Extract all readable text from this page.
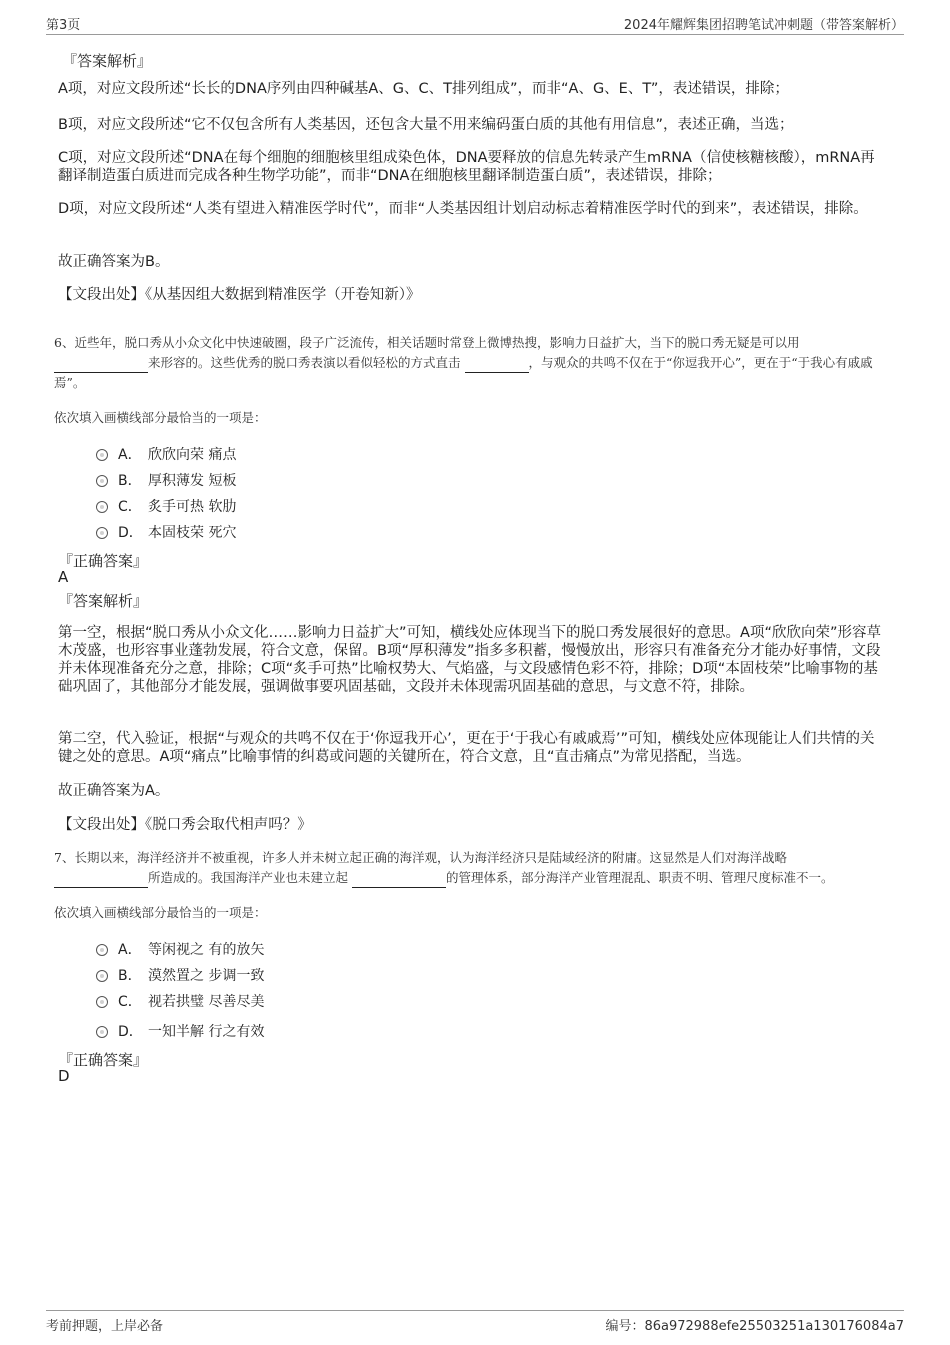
第3页	2024年耀辉集团招聘笔试冲刺题（带答案解析）
『答案解析』
A项，对应文段所述“长长的DNA序列由四种碱基A、G、C、T排列组成”，而非“A、G、E、T”，表述错误，排除；
B项，对应文段所述“它不仅包含所有人类基因，还包含大量不用来编码蛋白质的其他有用信息”，表述正确，当选；
C项，对应文段所述“DNA在每个细胞的细胞核里组成染色体，DNA要释放的信息先转录产生mRNA（信使核糖核酸），mRNA再翻译制造蛋白质进而完成各种生物学功能”，而非“DNA在细胞核里翻译制造蛋白质”，表述错误，排除；
D项，对应文段所述“人类有望进入精准医学时代”，而非“人类基因组计划启动标志着精准医学时代的到来”，表述错误，排除。
故正确答案为B。
【文段出处】《从基因组大数据到精准医学（开卷知新）》
6、近些年，脱口秀从小众文化中快速破圈，段子广泛流传，相关话题时常登上微博热搜，影响力日益扩大，当下的脱口秀无疑是可以用
来形容的。这些优秀的脱口秀表演以看似轻松的方式直击	，与观众的共鸣不仅在于“你逗我开心”，更在于“于我心有戚戚焉”。
依次填入画横线部分最恰当的一项是：
A． 欣欣向荣 痛点
B． 厚积薄发 短板
C． 炙手可热 软肋
D． 本固枝荣 死穴
『正确答案』
A
『答案解析』
第一空，根据“脱口秀从小众文化……影响力日益扩大”可知，横线处应体现当下的脱口秀发展很好的意思。A项“欣欣向荣”形容草木茂盛，也形容事业蓬勃发展，符合文意，保留。B项“厚积薄发”指多多积蓄，慢慢放出，形容只有准备充分才能办好事情，文段并未体现准备充分之意，排除；C项“炙手可热”比喻权势大、气焰盛，与文段感情色彩不符，排除；D项“本固枝荣”比喻事物的基础巩固了，其他部分才能发展，强调做事要巩固基础，文段并未体现需巩固基础的意思，与文意不符，排除。
第二空，代入验证，根据“与观众的共鸣不仅在于‘你逗我开心’，更在于‘于我心有戚戚焉’”可知，横线处应体现能让人们共情的关键之处的意思。A项“痛点”比喻事情的纠葛或问题的关键所在，符合文意，且“直击痛点”为常见搭配，当选。
故正确答案为A。
【文段出处】《脱口秀会取代相声吗？》
7、长期以来，海洋经济并不被重视，许多人并未树立起正确的海洋观，认为海洋经济只是陆域经济的附庸。这显然是人们对海洋战略
所造成的。我国海洋产业也未建立起	的管理体系，部分海洋产业管理混乱、职责不明、管理尺度标准不一。
依次填入画横线部分最恰当的一项是：
A． 等闲视之 有的放矢
B． 漠然置之 步调一致
C． 视若拱璧 尽善尽美
D． 一知半解 行之有效
『正确答案』
D
考前押题，上岸必备	编号：86a972988efe25503251a130176084a7
